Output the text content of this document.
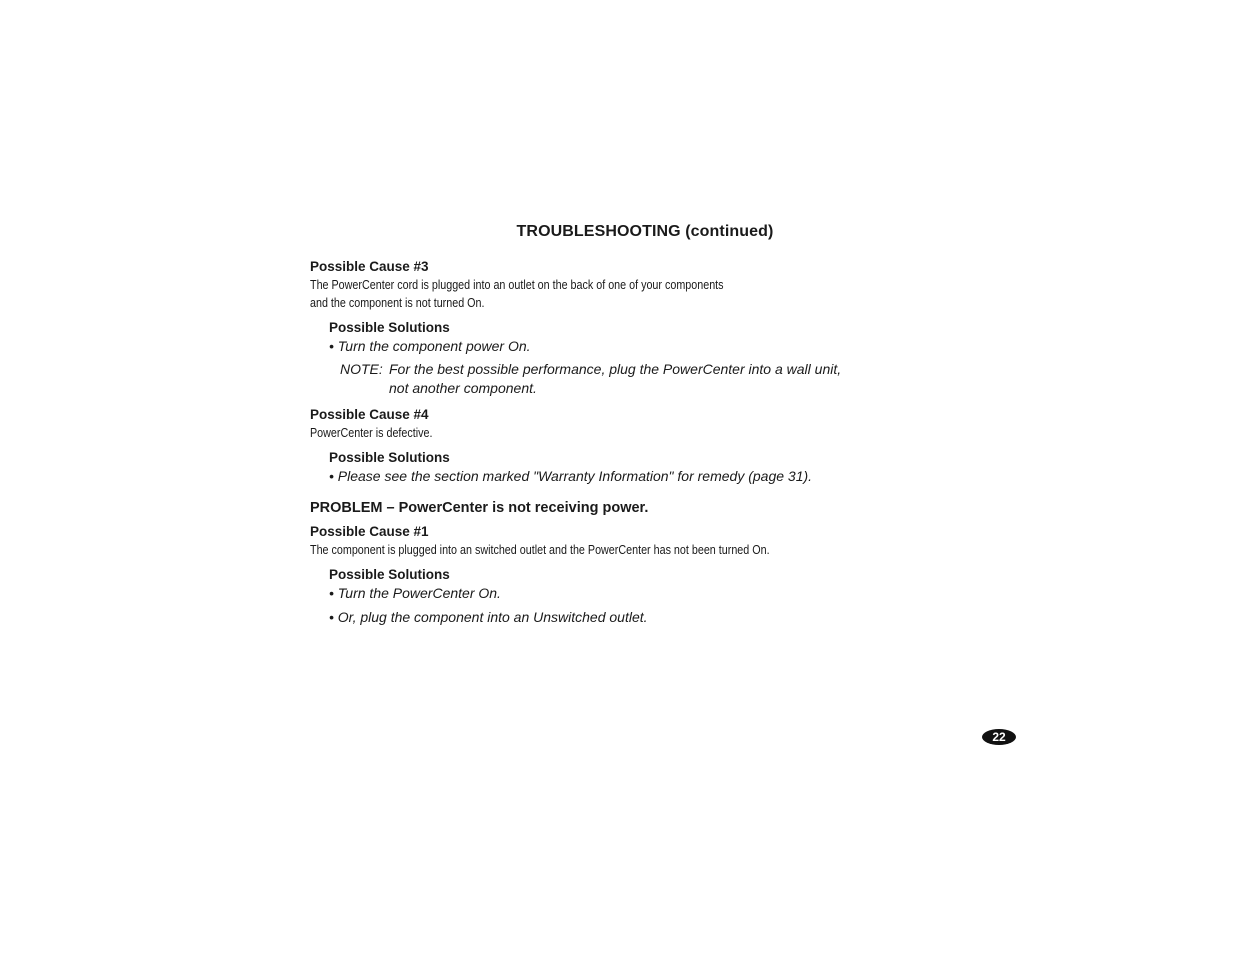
TROUBLESHOOTING (continued)
Possible Cause #3
The PowerCenter cord is plugged into an outlet on the back of one of your components
and the component is not turned On.
Possible Solutions
• Turn the component power On.
NOTE: For the best possible performance, plug the PowerCenter into a wall unit,
not another component.
Possible Cause #4
PowerCenter is defective.
Possible Solutions
• Please see the section marked "Warranty Information" for remedy (page 31).
PROBLEM – PowerCenter is not receiving power.
Possible Cause #1
The component is plugged into an switched outlet and the PowerCenter has not been turned On.
Possible Solutions
• Turn the PowerCenter On.
• Or, plug the component into an Unswitched outlet.
22
